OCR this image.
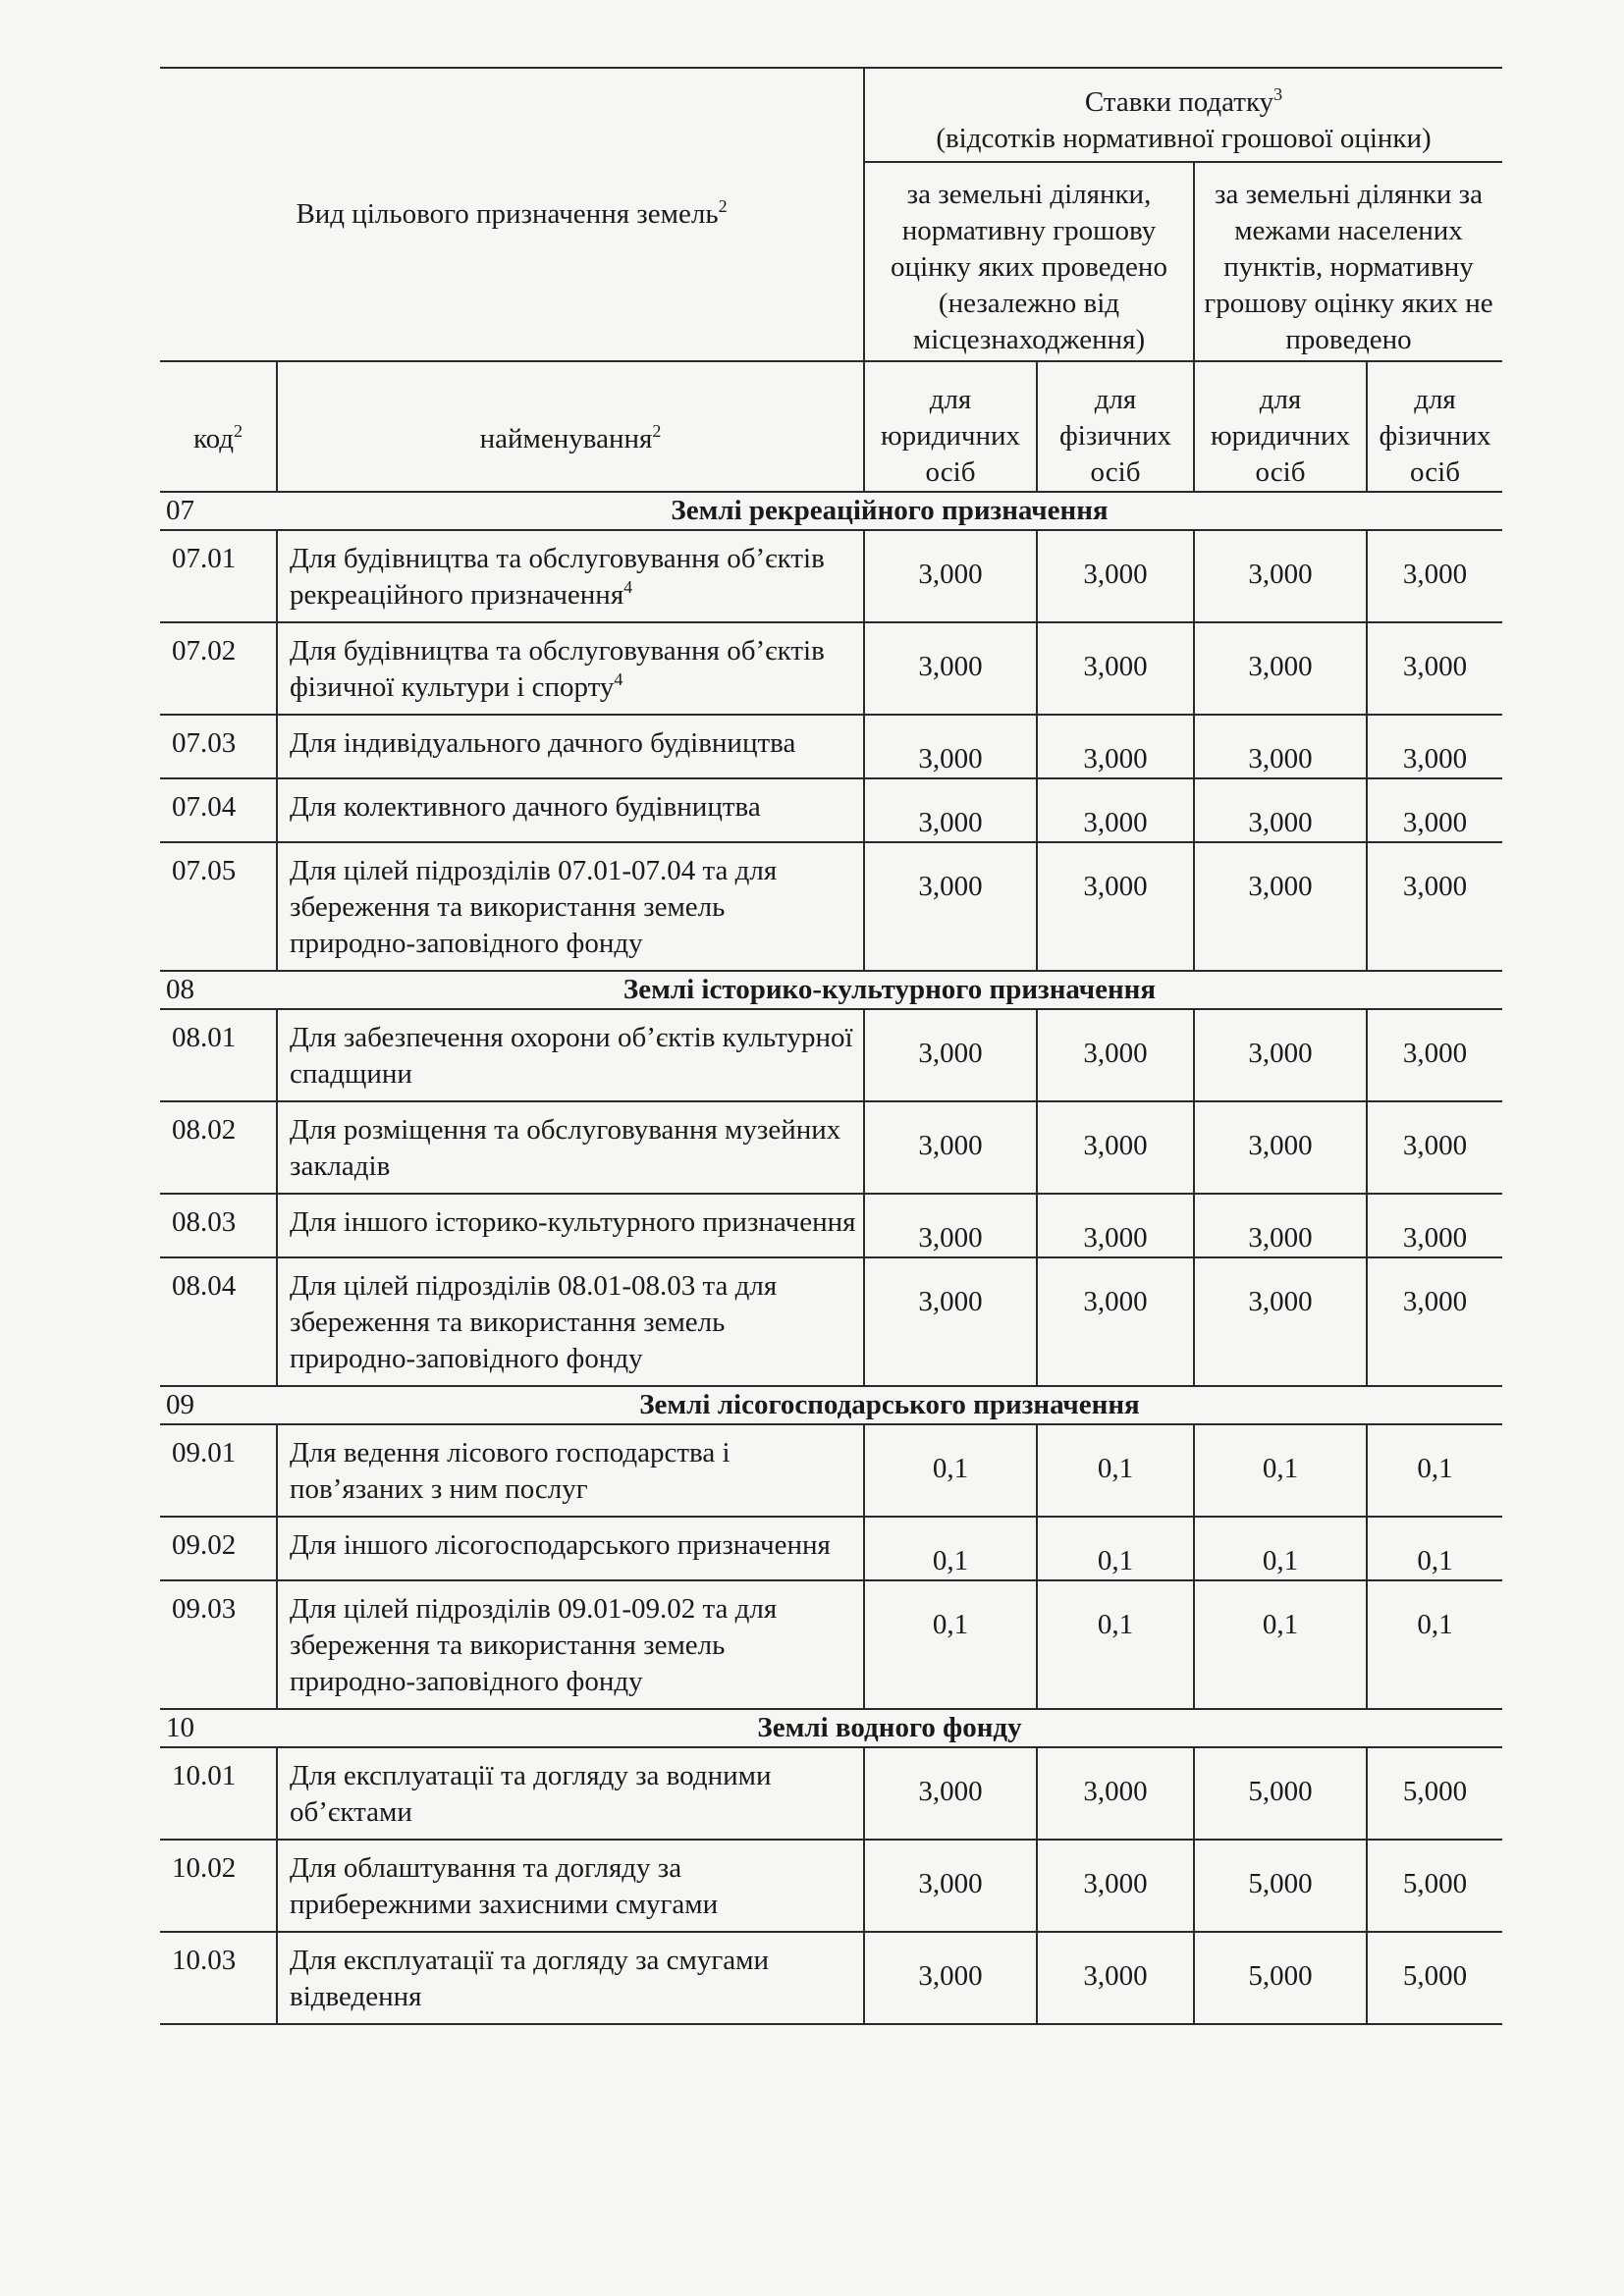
Вид цільового призначення земель$^2$		Ставки податку$^3$
(відсотків нормативної грошової оцінки)			
		за земельні ділянки, нормативну грошову оцінку яких проведено (незалежно від місцезнаходження)		за земельні ділянки за межами населених пунктів, нормативну грошову оцінку яких не проведено	
код$^2$	найменування$^2$	для юридичних осіб	для фізичних осіб	для юридичних осіб	для фізичних осіб
07	Землі рекреаційного призначення				
07.01	Для будівництва та обслуговування об’єктів рекреаційного призначення$^4$	3,000	3,000	3,000	3,000
07.02	Для будівництва та обслуговування об’єктів фізичної культури і спорту$^4$	3,000	3,000	3,000	3,000
07.03	Для індивідуального дачного будівництва	3,000	3,000	3,000	3,000
07.04	Для колективного дачного будівництва	3,000	3,000	3,000	3,000
07.05	Для цілей підрозділів 07.01-07.04 та для збереження та використання земель природно-заповідного фонду	3,000	3,000	3,000	3,000
08	Землі історико-культурного призначення				
08.01	Для забезпечення охорони об’єктів культурної спадщини	3,000	3,000	3,000	3,000
08.02	Для розміщення та обслуговування музейних закладів	3,000	3,000	3,000	3,000
08.03	Для іншого історико-культурного призначення	3,000	3,000	3,000	3,000
08.04	Для цілей підрозділів 08.01-08.03 та для збереження та використання земель природно-заповідного фонду	3,000	3,000	3,000	3,000
09	Землі лісогосподарського призначення				
09.01	Для ведення лісового господарства і пов’язаних з ним послуг	0,1	0,1	0,1	0,1
09.02	Для іншого лісогосподарського призначення	0,1	0,1	0,1	0,1
09.03	Для цілей підрозділів 09.01-09.02 та для збереження та використання земель природно-заповідного фонду	0,1	0,1	0,1	0,1
10	Землі водного фонду				
10.01	Для експлуатації та догляду за водними об’єктами	3,000	3,000	5,000	5,000
10.02	Для облаштування та догляду за прибережними захисними смугами	3,000	3,000	5,000	5,000
10.03	Для експлуатації та догляду за смугами відведення	3,000	3,000	5,000	5,000
